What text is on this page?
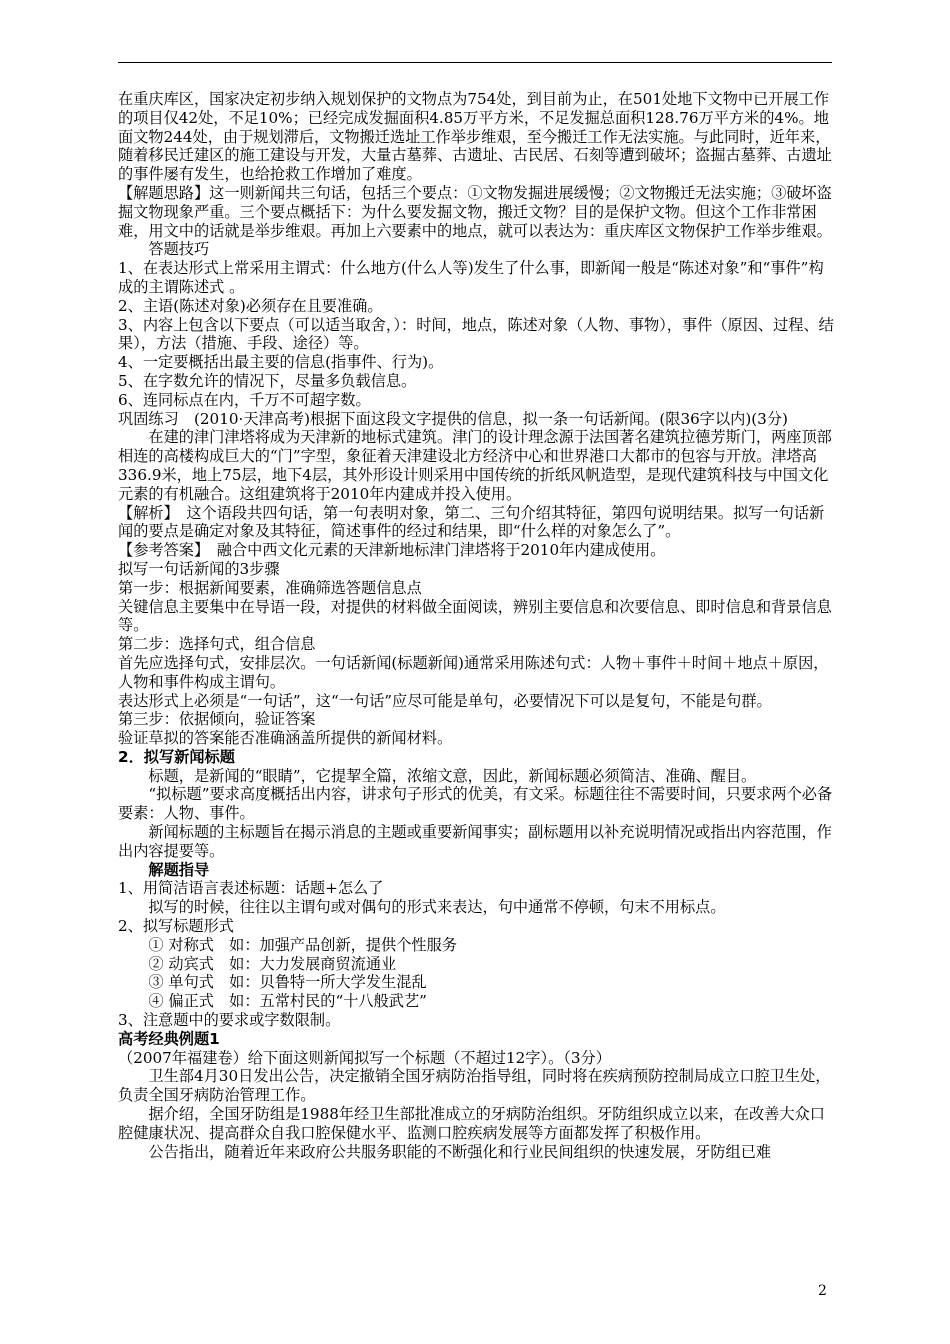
在重庆库区，国家决定初步纳入规划保护的文物点为754处，到目前为止，在501处地下文物中已开展工作的项目仅42处，不足10%；已经完成发掘面积4.85万平方米，不足发掘总面积128.76万平方米的4%。地面文物244处，由于规划滞后，文物搬迁选址工作举步维艰，至今搬迁工作无法实施。与此同时，近年来，随着移民迁建区的施工建设与开发，大量古墓葬、古遗址、古民居、石刻等遭到破坏；盗掘古墓葬、古遗址的事件屡有发生，也给抢救工作增加了难度。

【解题思路】这一则新闻共三句话，包括三个要点：①文物发掘进展缓慢；②文物搬迁无法实施；③破坏盗掘文物现象严重。三个要点概括下：为什么要发掘文物，搬迁文物？目的是保护文物。但这个工作非常困难，用文中的话就是举步维艰。再加上六要素中的地点，就可以表达为：重庆库区文物保护工作举步维艰。

答题技巧

1、在表达形式上常采用主谓式：什么地方(什么人等)发生了什么事，即新闻一般是“陈述对象”和“事件”构成的主谓陈述式 。

2、主语(陈述对象)必须存在且要准确。

3、内容上包含以下要点（可以适当取舍，）：时间，地点，陈述对象（人物、事物），事件（原因、过程、结果），方法（措施、手段、途径）等。

4、一定要概括出最主要的信息(指事件、行为)。

5、在字数允许的情况下，尽量多负载信息。

6、连同标点在内，千万不可超字数。

巩固练习　(2010·天津高考)根据下面这段文字提供的信息，拟一条一句话新闻。(限36字以内)(3分)

在建的津门津塔将成为天津新的地标式建筑。津门的设计理念源于法国著名建筑拉德芳斯门，两座顶部相连的高楼构成巨大的“门”字型，象征着天津建设北方经济中心和世界港口大都市的包容与开放。津塔高336.9米，地上75层，地下4层，其外形设计则采用中国传统的折纸风帆造型，是现代建筑科技与中国文化元素的有机融合。这组建筑将于2010年内建成并投入使用。

【解析】　这个语段共四句话，第一句表明对象，第二、三句介绍其特征，第四句说明结果。拟写一句话新闻的要点是确定对象及其特征，简述事件的经过和结果，即“什么样的对象怎么了”。

【参考答案】　融合中西文化元素的天津新地标津门津塔将于2010年内建成使用。

拟写一句话新闻的3步骤

第一步：根据新闻要素，准确筛选答题信息点

关键信息主要集中在导语一段，对提供的材料做全面阅读，辨别主要信息和次要信息、即时信息和背景信息等。

第二步：选择句式，组合信息

首先应选择句式，安排层次。一句话新闻(标题新闻)通常采用陈述句式：人物＋事件＋时间＋地点＋原因，人物和事件构成主谓句。

表达形式上必须是“一句话”，这“一句话”应尽可能是单句，必要情况下可以是复句，不能是句群。

第三步：依据倾向，验证答案

验证草拟的答案能否准确涵盖所提供的新闻材料。

2．拟写新闻标题

标题，是新闻的“眼睛”，它提挈全篇，浓缩文意，因此，新闻标题必须简洁、准确、醒目。

“拟标题”要求高度概括出内容，讲求句子形式的优美，有文采。标题往往不需要时间，只要求两个必备要素：人物、事件。

新闻标题的主标题旨在揭示消息的主题或重要新闻事实；副标题用以补充说明情况或指出内容范围，作出内容提要等。

解题指导

1、用简洁语言表述标题：话题+怎么了

拟写的时候，往往以主谓句或对偶句的形式来表达，句中通常不停顿，句末不用标点。

2、拟写标题形式

① 对称式　如：加强产品创新，提供个性服务

② 动宾式　如：大力发展商贸流通业

③ 单句式　如：贝鲁特一所大学发生混乱

④ 偏正式　如：五常村民的“十八般武艺”

3、注意题中的要求或字数限制。

高考经典例题1

（2007年福建卷）给下面这则新闻拟写一个标题（不超过12字）。（3分）

卫生部4月30日发出公告，决定撤销全国牙病防治指导组，同时将在疾病预防控制局成立口腔卫生处，负责全国牙病防治管理工作。

据介绍，全国牙防组是1988年经卫生部批准成立的牙病防治组织。牙防组织成立以来，在改善大众口腔健康状况、提高群众自我口腔保健水平、监测口腔疾病发展等方面都发挥了积极作用。

公告指出，随着近年来政府公共服务职能的不断强化和行业民间组织的快速发展，牙防组已难

2
